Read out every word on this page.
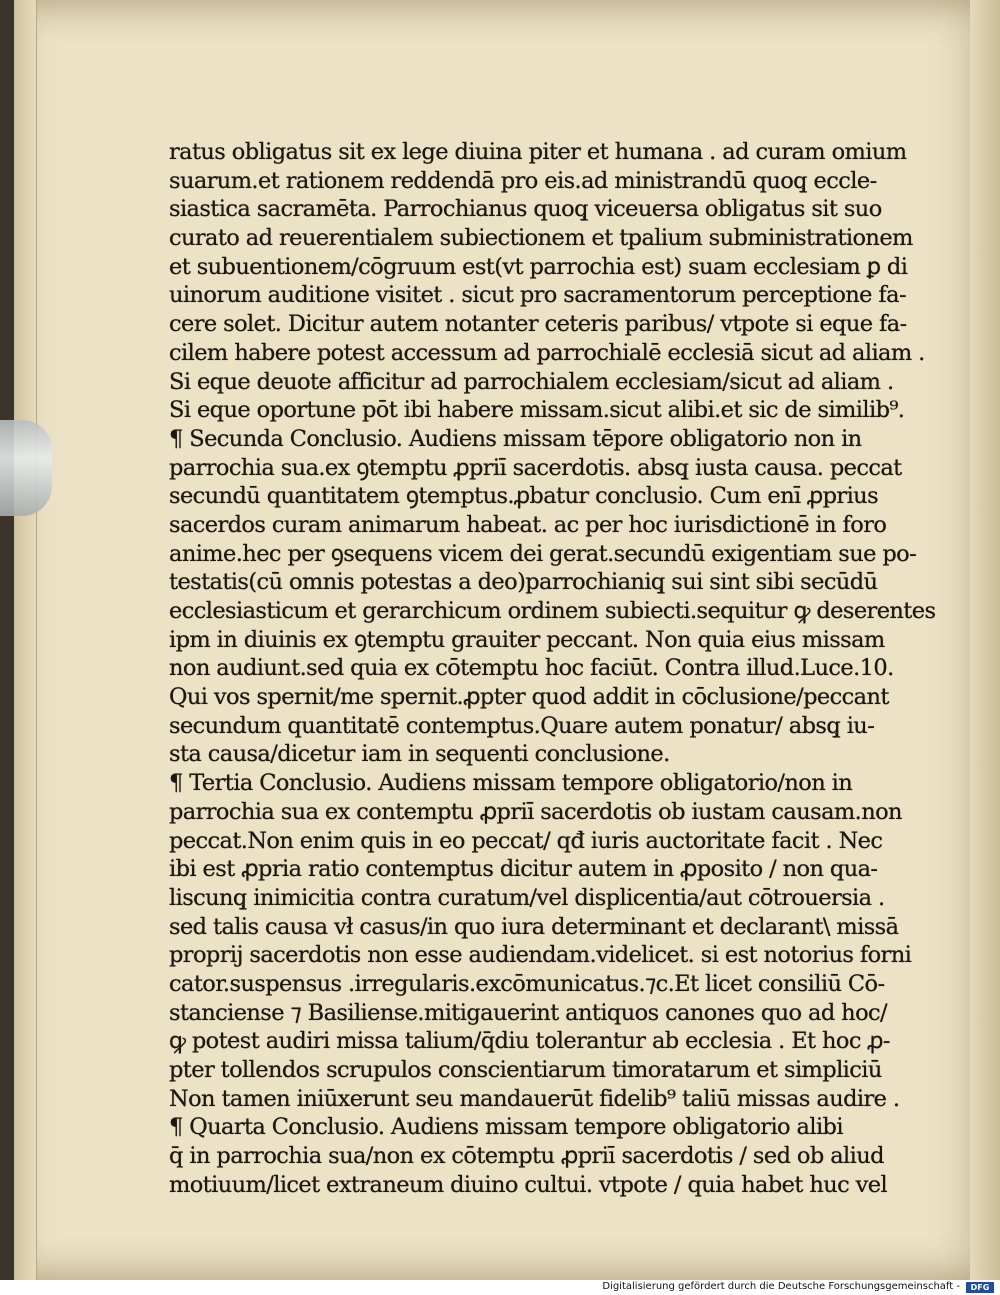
ratus obligatus sit ex lege diuina piter et humana . ad curam omium
suarum.et rationem reddendā pro eis.ad ministrandū quoq̧ eccle-
siastica sacramēta. Parrochianus quoq̧ viceuersa obligatus sit suo
curato ad reuerentialem subiectionem et tpalium subministrationem
et subuentionem/cōgruum est(vt parrochia est) suam ecclesiam ꝑ di
uinorum auditione visitet . sicut pro sacramentorum perceptione fa-
cere solet. Dicitur autem notanter ceteris paribus/ vtpote si eque fa-
cilem habere potest accessum ad parrochialē ecclesiā sicut ad aliam .
Si eque deuote afficitur ad parrochialem ecclesiam/sicut ad aliam .
Si eque oportune pōt ibi habere missam.sicut alibi.et sic de similib⁹.
¶ Secunda Conclusio. Audiens missam tēpore obligatorio non in
parrochia sua.ex ꝯtemptu ꝓpriī sacerdotis. absq̧ iusta causa. peccat
secundū quantitatem ꝯtemptus.ꝓbatur conclusio. Cum enī ꝓprius
sacerdos curam animarum habeat. ac per hoc iurisdictionē in foro
anime.hec per ꝯsequens vicem dei gerat.secundū exigentiam sue po-
testatis(cū omnis potestas a deo)parrochianiq̧ sui sint sibi secūdū
ecclesiasticum et gerarchicum ordinem subiecti.sequitur ꝙ deserentes
ipm in diuinis ex ꝯtemptu grauiter peccant. Non quia eius missam
non audiunt.sed quia ex cōtemptu hoc faciūt. Contra illud.Luce.10.
Qui vos spernit/me spernit.ꝓpter quod addit in cōclusione/peccant
secundum quantitatē contemptus.Quare autem ponatur/ absq̧ iu-
sta causa/dicetur iam in sequenti conclusione.
¶ Tertia Conclusio. Audiens missam tempore obligatorio/non in
parrochia sua ex contemptu ꝓpriī sacerdotis ob iustam causam.non
peccat.Non enim quis in eo peccat/ qđ iuris auctoritate facit . Nec
ibi est ꝓpria ratio contemptus dicitur autem in ꝓposito / non qua-
liscunq̧ inimicitia contra curatum/vel displicentia/aut cōtrouersia .
sed talis causa vł casus/in quo iura determinant et declarant\ missā
proprij sacerdotis non esse audiendam.videlicet. si est notorius forni
cator.suspensus .irregularis.excōmunicatus.⁊c.Et licet consiliū Cō-
stanciense ⁊ Basiliense.mitigauerint antiquos canones quo ad hoc/
ꝙ potest audiri missa talium/q̄diu tolerantur ab ecclesia . Et hoc ꝓ-
pter tollendos scrupulos conscientiarum timoratarum et simpliciū
Non tamen iniūxerunt seu mandauerūt fidelib⁹ taliū missas audire .
¶ Quarta Conclusio. Audiens missam tempore obligatorio alibi
q̄ in parrochia sua/non ex cōtemptu ꝓpriī sacerdotis / sed ob aliud
motiuum/licet extraneum diuino cultui. vtpote / quia habet huc vel
Digitalisierung gefördert durch die Deutsche Forschungsgemeinschaft -	DFG
